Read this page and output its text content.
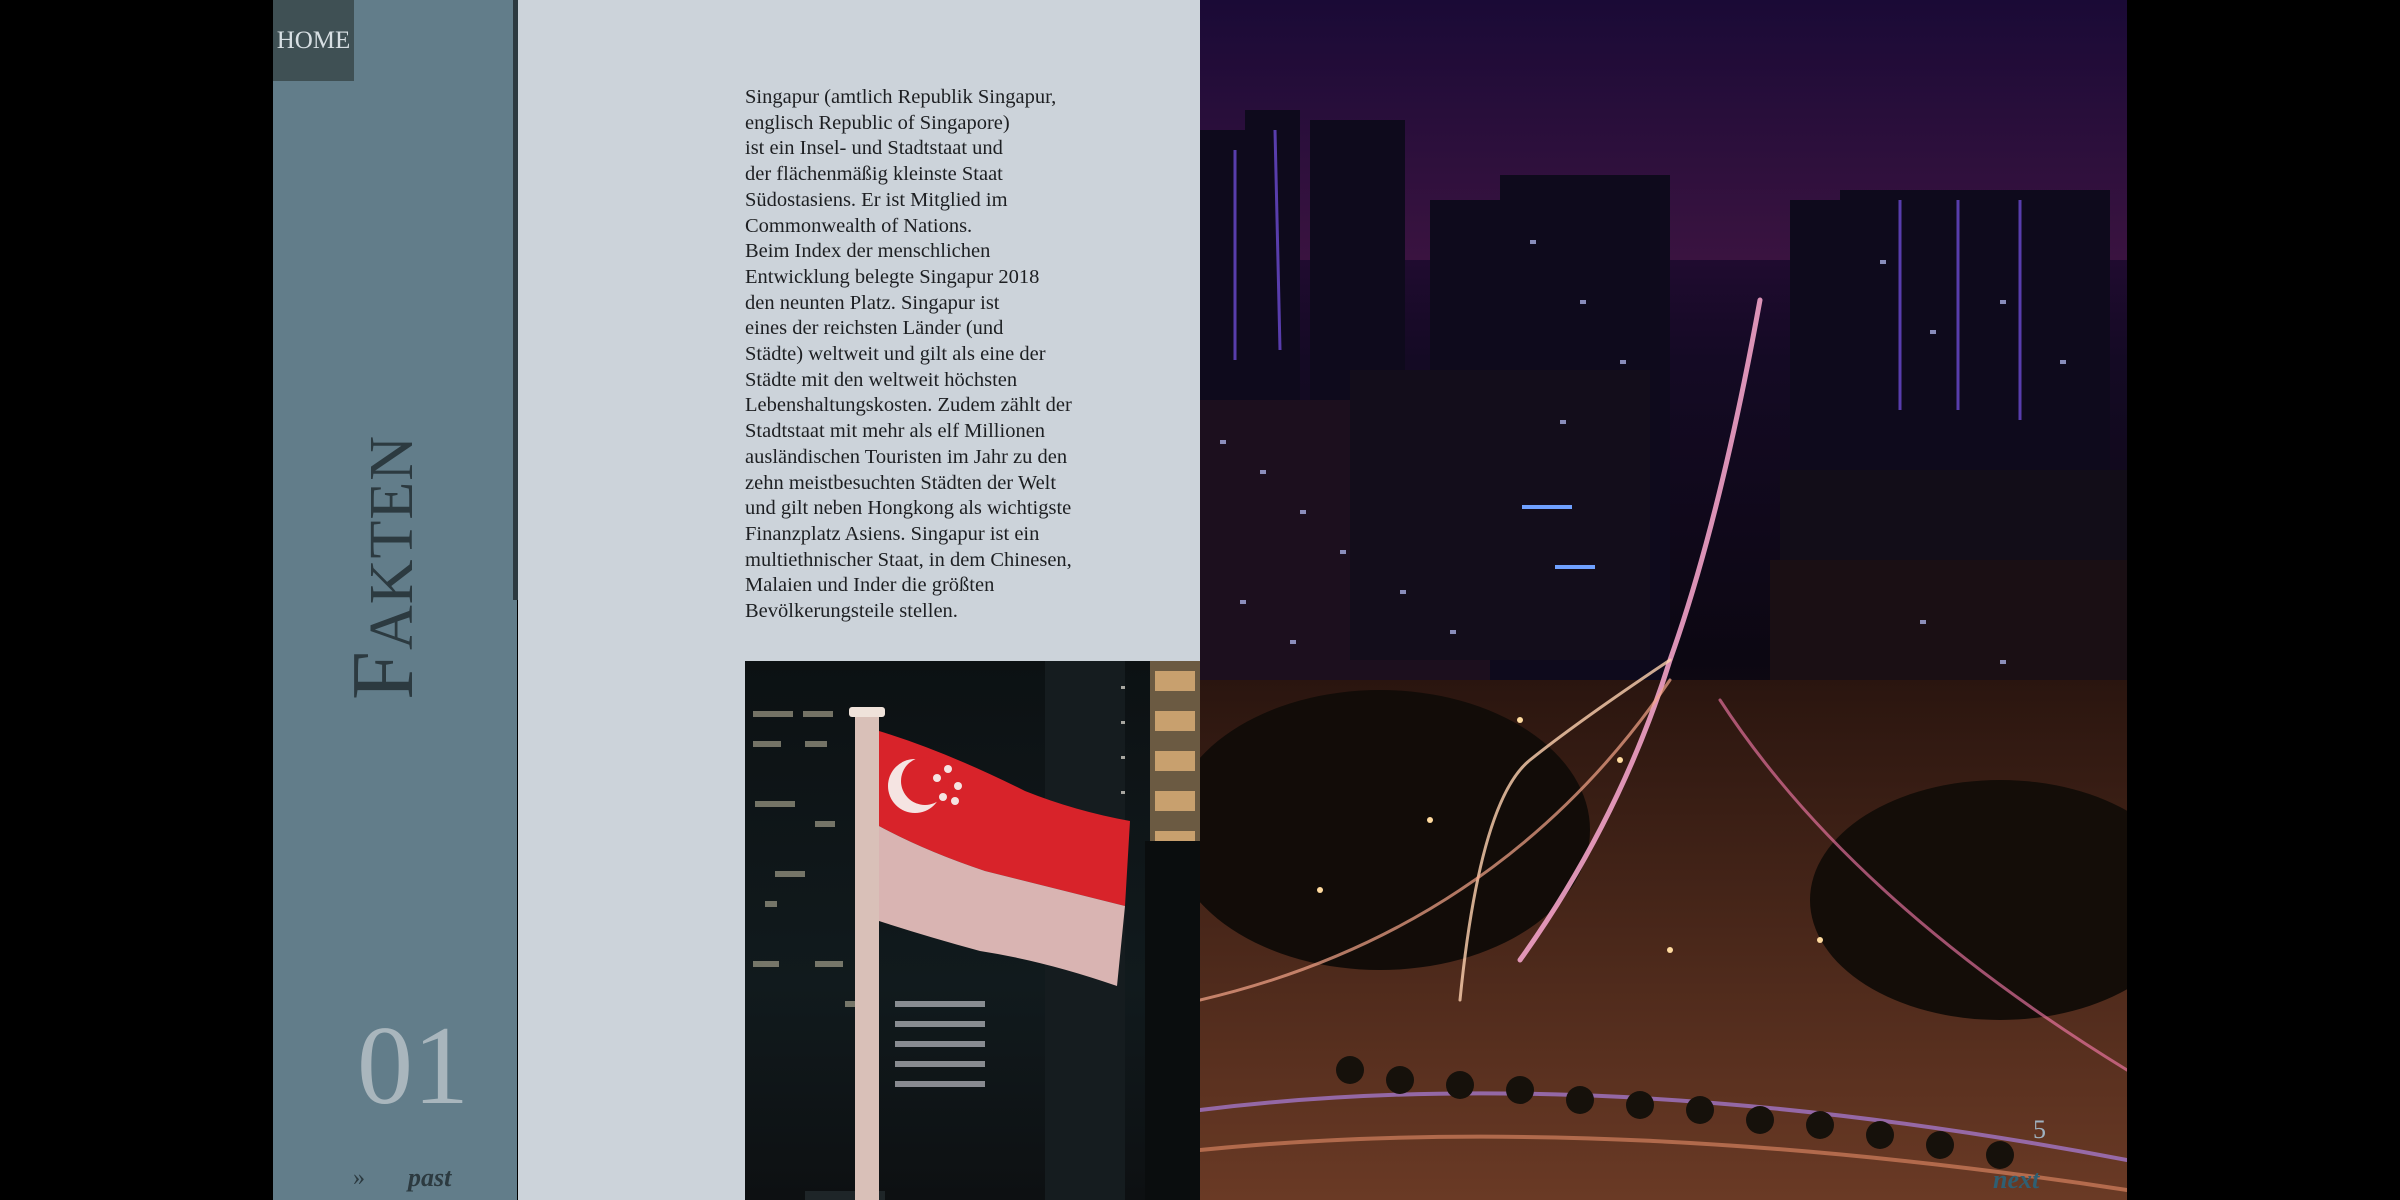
HOME
Fakten
01
» past
Singapur (amtlich Republik Singapur,
englisch Republic of Singapore)
ist ein Insel- und Stadtstaat und
der flächenmäßig kleinste Staat
Südostasiens. Er ist Mitglied im
Commonwealth of Nations.
Beim Index der menschlichen
Entwicklung belegte Singapur 2018
den neunten Platz. Singapur ist
eines der reichsten Länder (und
Städte) weltweit und gilt als eine der
Städte mit den weltweit höchsten
Lebenshaltungskosten. Zudem zählt der
Stadtstaat mit mehr als elf Millionen
ausländischen Touristen im Jahr zu den
zehn meistbesuchten Städten der Welt
und gilt neben Hongkong als wichtigste
Finanzplatz Asiens. Singapur ist ein
multiethnischer Staat, in dem Chinesen,
Malaien und Inder die größten
Bevölkerungsteile stellen.
5
next
